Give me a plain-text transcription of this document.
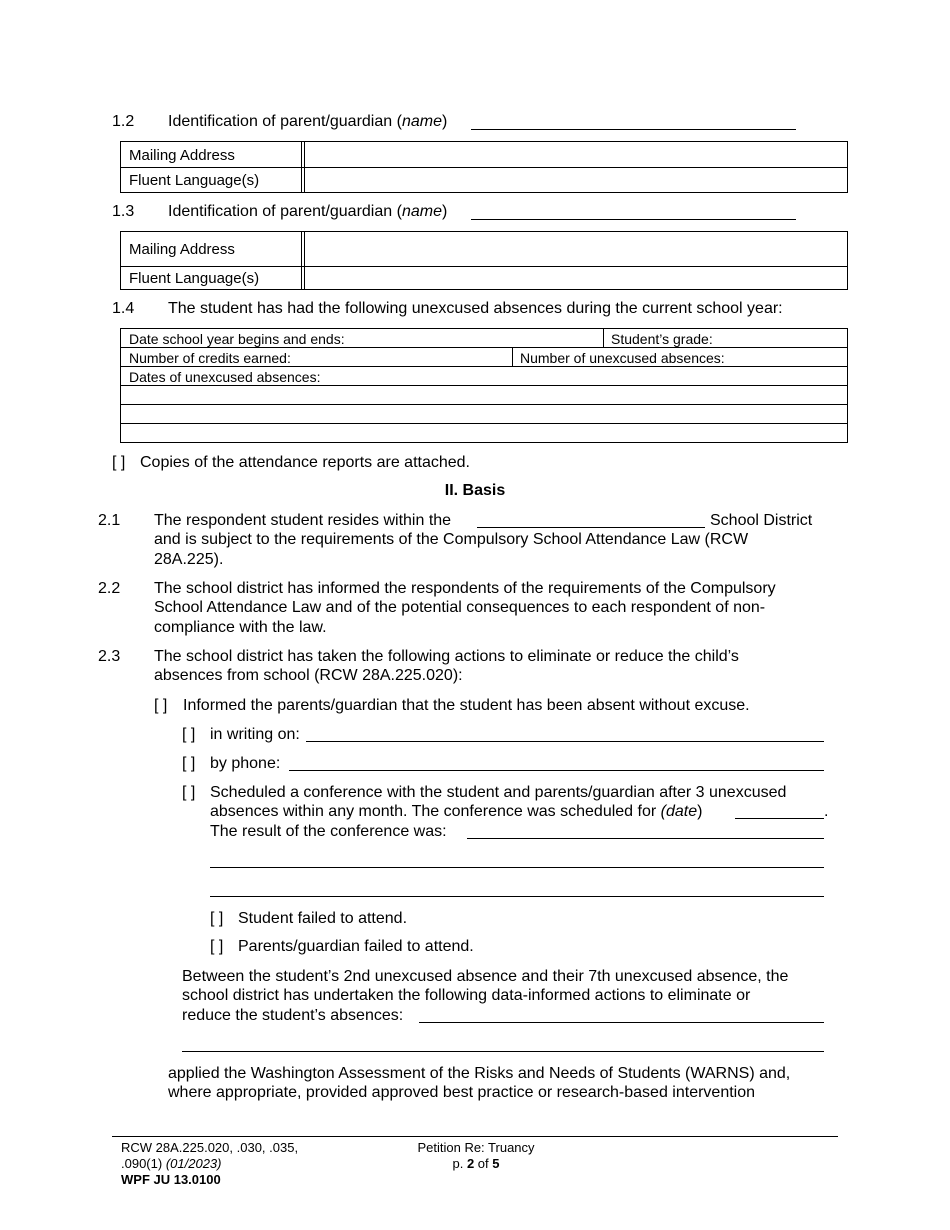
1.2 Identification of parent/guardian (name)
Mailing Address
Fluent Language(s)
1.3 Identification of parent/guardian (name)
Mailing Address
Fluent Language(s)
1.4 The student has had the following unexcused absences during the current school year:
Date school year begins and ends:	Student’s grade:
Number of credits earned:	Number of unexcused absences:
Dates of unexcused absences:
[ ] Copies of the attendance reports are attached.
II. Basis
2.1 The respondent student resides within the	School District
and is subject to the requirements of the Compulsory School Attendance Law (RCW
28A.225).
2.2 The school district has informed the respondents of the requirements of the Compulsory
School Attendance Law and of the potential consequences to each respondent of non-
compliance with the law.
2.3 The school district has taken the following actions to eliminate or reduce the child’s
absences from school (RCW 28A.225.020):
[ ] Informed the parents/guardian that the student has been absent without excuse.
[ ] in writing on:
[ ] by phone:
[ ] Scheduled a conference with the student and parents/guardian after 3 unexcused
absences within any month. The conference was scheduled for (date)	.
The result of the conference was:
[ ] Student failed to attend.
[ ] Parents/guardian failed to attend.
Between the student’s 2nd unexcused absence and their 7th unexcused absence, the
school district has undertaken the following data-informed actions to eliminate or
reduce the student’s absences:
applied the Washington Assessment of the Risks and Needs of Students (WARNS) and,
where appropriate, provided approved best practice or research-based intervention
RCW 28A.225.020, .030, .035,
.090(1) (01/2023)
WPF JU 13.0100
Petition Re: Truancy
p. 2 of 5
